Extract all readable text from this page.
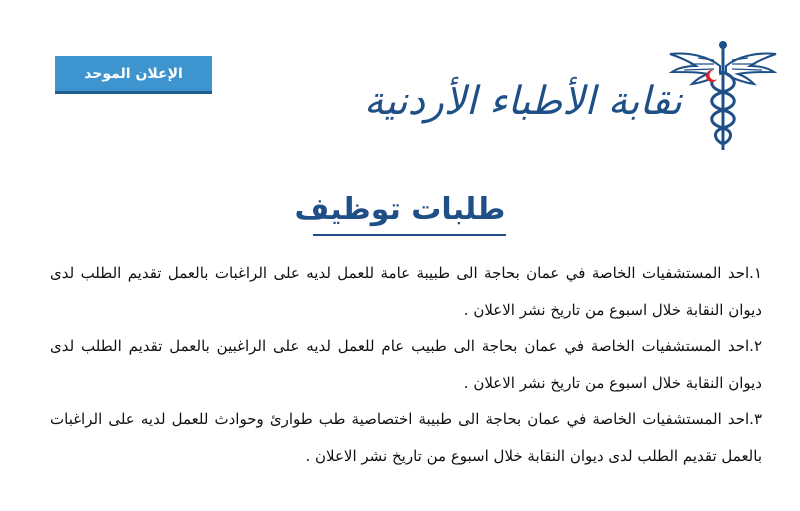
الإعلان الموحد
نقابة الأطباء الأردنية
طلبات توظيف

١.احد المستشفيات الخاصة في عمان بحاجة الى طبيبة عامة للعمل لديه على الراغبات بالعمل تقديم الطلب لدى ديوان النقابة خلال اسبوع من تاريخ نشر الاعلان .

٢.احد المستشفيات الخاصة في عمان بحاجة الى طبيب عام للعمل لديه على الراغبين بالعمل تقديم الطلب لدى ديوان النقابة خلال اسبوع من تاريخ نشر الاعلان .

٣.احد المستشفيات الخاصة في عمان بحاجة الى طبيبة اختصاصية طب طوارئ وحوادث للعمل لديه على الراغبات بالعمل تقديم الطلب لدى ديوان النقابة خلال اسبوع من تاريخ نشر الاعلان .
